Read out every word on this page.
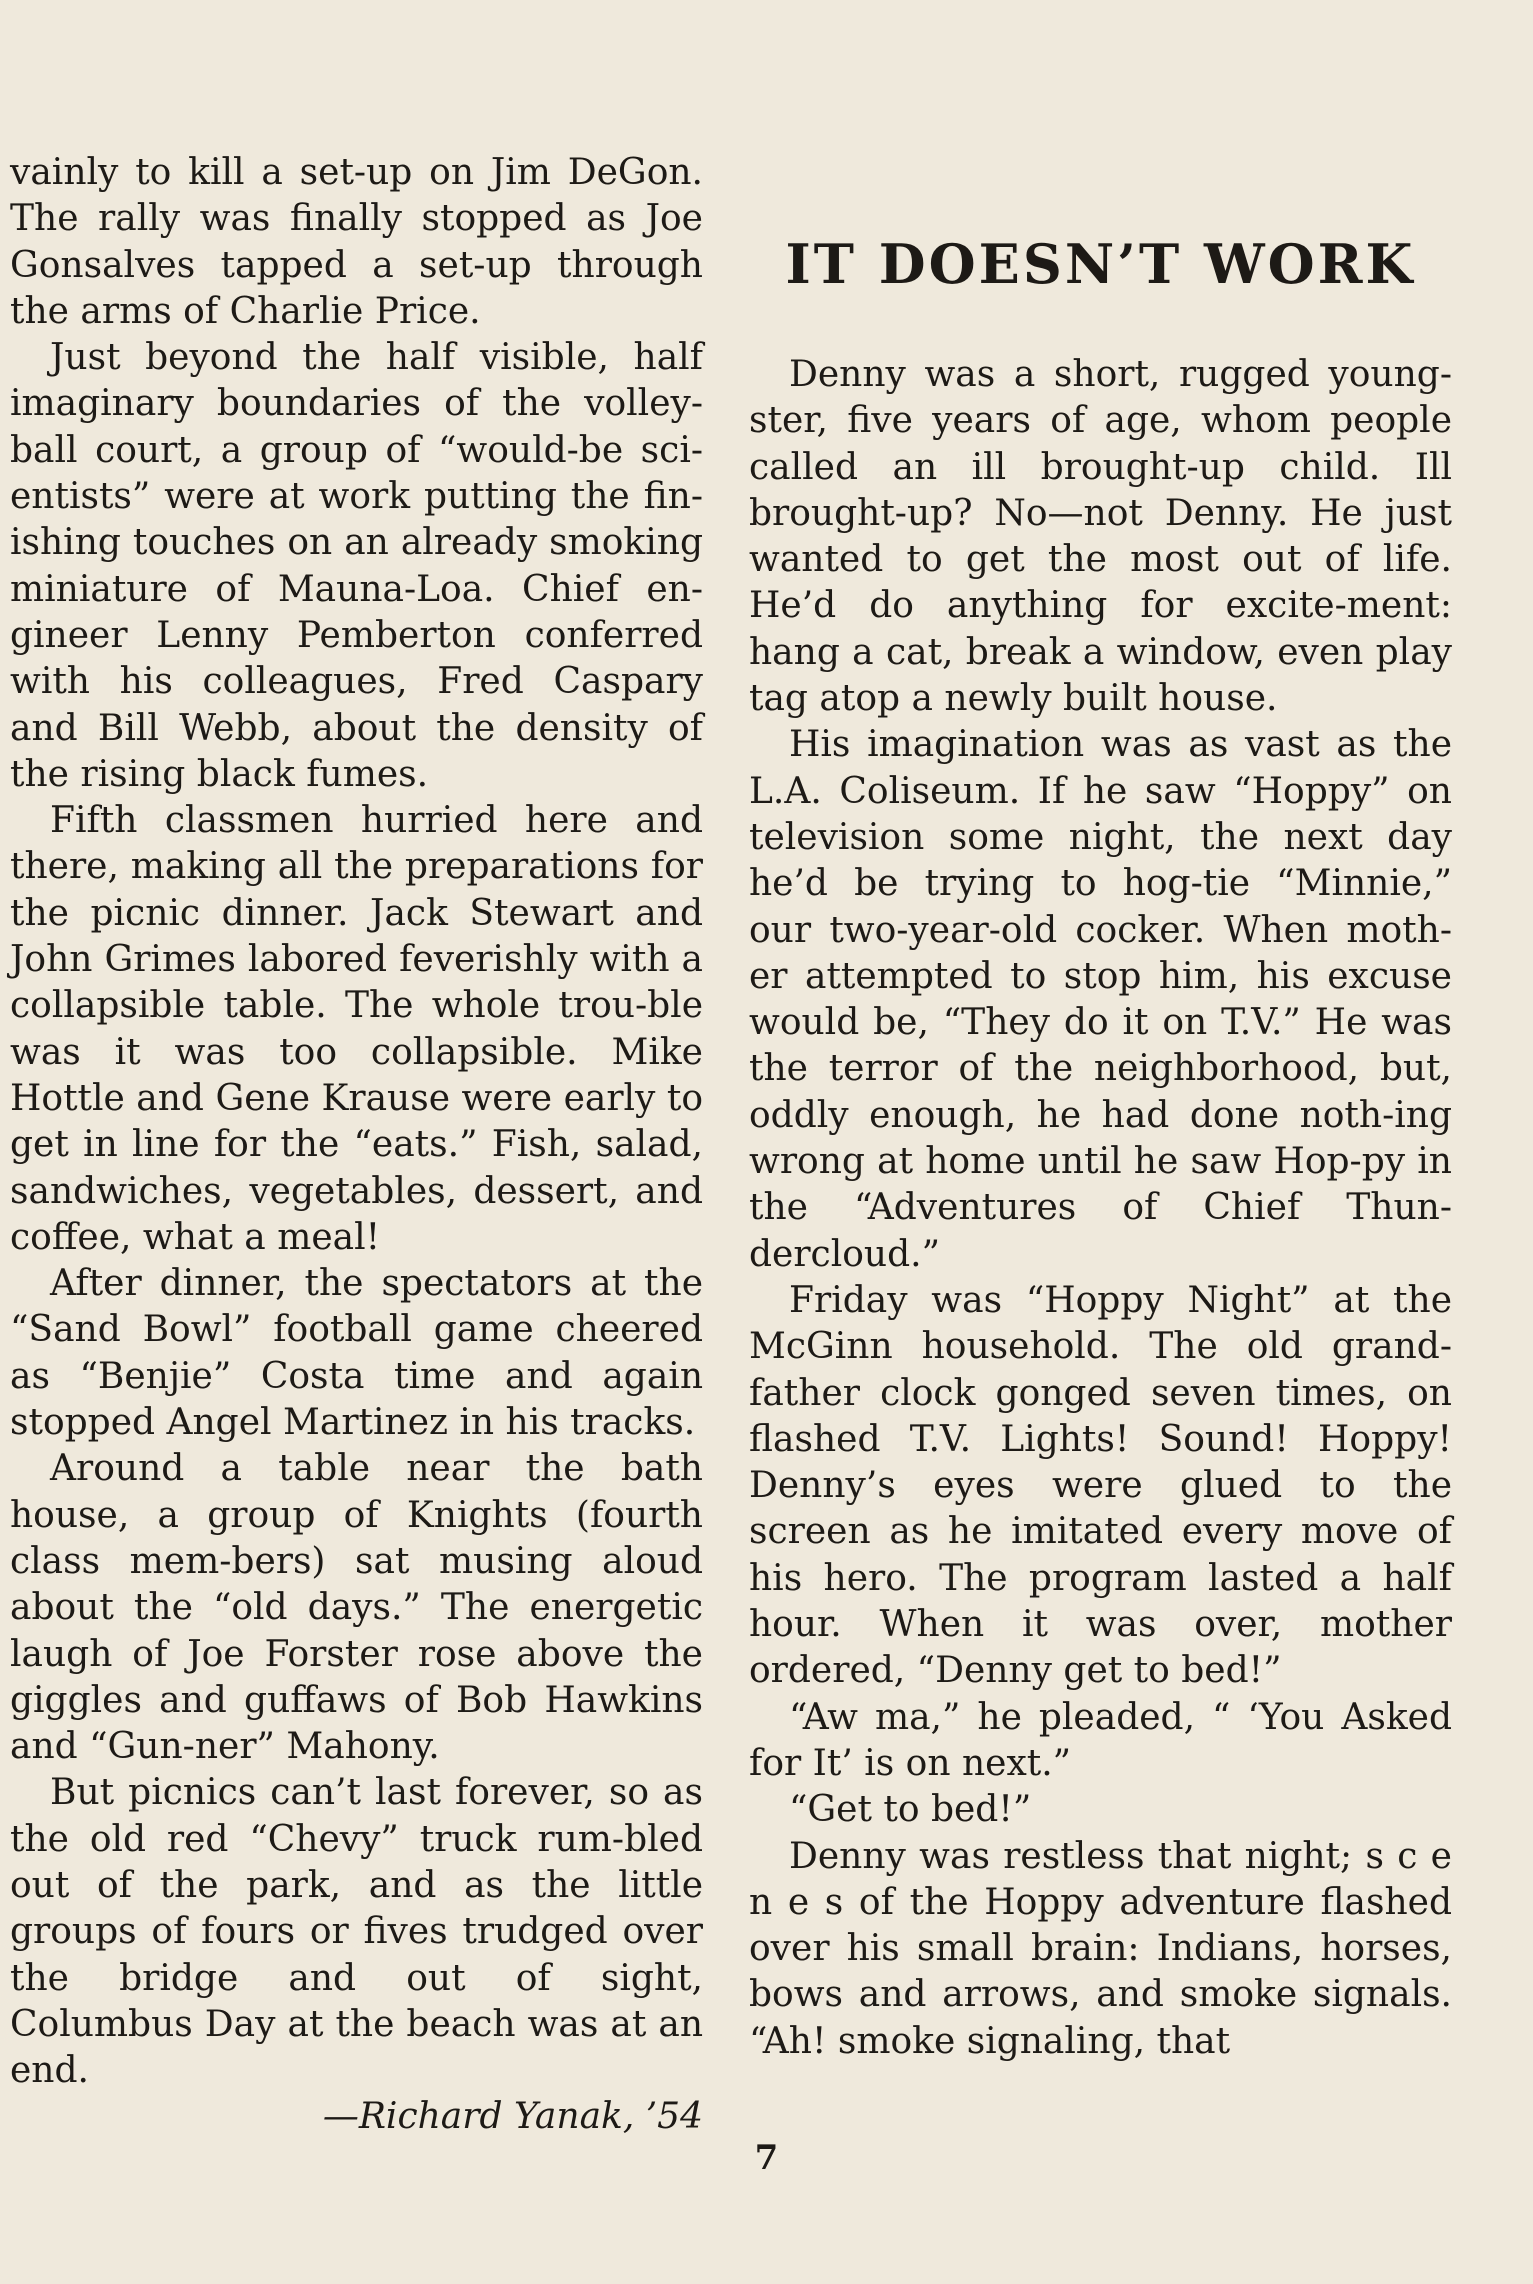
vainly to kill a set-up on Jim DeGon. The rally was finally stopped as Joe Gonsalves tapped a set-up through the arms of Charlie Price.

Just beyond the half visible, half imaginary boundaries of the volley-ball court, a group of “would-be sci-entists” were at work putting the fin-ishing touches on an already smoking miniature of Mauna-Loa. Chief en-gineer Lenny Pemberton conferred with his colleagues, Fred Caspary and Bill Webb, about the density of the rising black fumes.

Fifth classmen hurried here and there, making all the preparations for the picnic dinner. Jack Stewart and John Grimes labored feverishly with a collapsible table. The whole trou-ble was it was too collapsible. Mike Hottle and Gene Krause were early to get in line for the “eats.” Fish, salad, sandwiches, vegetables, dessert, and coffee, what a meal!

After dinner, the spectators at the “Sand Bowl” football game cheered as “Benjie” Costa time and again stopped Angel Martinez in his tracks.

Around a table near the bath house, a group of Knights (fourth class mem-bers) sat musing aloud about the “old days.” The energetic laugh of Joe Forster rose above the giggles and guffaws of Bob Hawkins and “Gun-ner” Mahony.

But picnics can’t last forever, so as the old red “Chevy” truck rum-bled out of the park, and as the little groups of fours or fives trudged over the bridge and out of sight, Columbus Day at the beach was at an end.

—Richard Yanak, ’54

IT DOESN’T WORK

Denny was a short, rugged young-ster, five years of age, whom people called an ill brought-up child. Ill brought-up? No—not Denny. He just wanted to get the most out of life. He’d do anything for excite-ment: hang a cat, break a window, even play tag atop a newly built house.

His imagination was as vast as the L.A. Coliseum. If he saw “Hoppy” on television some night, the next day he’d be trying to hog-tie “Minnie,” our two-year-old cocker. When moth-er attempted to stop him, his excuse would be, “They do it on T.V.” He was the terror of the neighborhood, but, oddly enough, he had done noth-ing wrong at home until he saw Hop-py in the “Adventures of Chief Thun-dercloud.”

Friday was “Hoppy Night” at the McGinn household. The old grand-father clock gonged seven times, on flashed T.V. Lights! Sound! Hoppy! Denny’s eyes were glued to the screen as he imitated every move of his hero. The program lasted a half hour. When it was over, mother ordered, “Denny get to bed!”

“Aw ma,” he pleaded, “ ‘You Asked for It’ is on next.”

“Get to bed!”

Denny was restless that night; s c e n e s of the Hoppy adventure flashed over his small brain: Indians, horses, bows and arrows, and smoke signals. “Ah! smoke signaling, that

7
